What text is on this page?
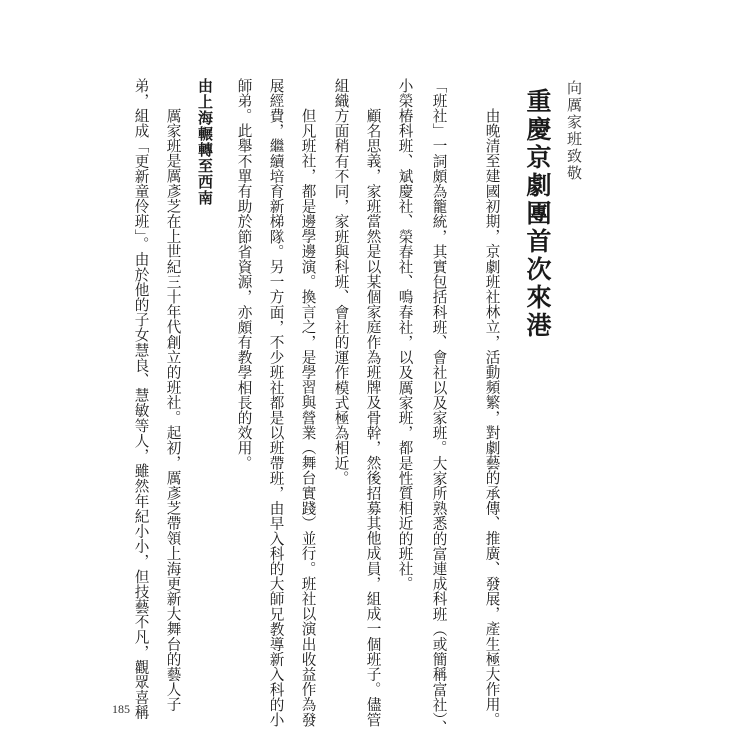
向厲家班致敬
重慶京劇團首次來港
由晚清至建國初期，京劇班社林立，活動頻繁，對劇藝的承傳、推廣、發展，產生極大作用。
「班社」一詞頗為籠統，其實包括科班、會社以及家班。大家所熟悉的富連成科班（或簡稱富社）、
小榮椿科班、斌慶社、榮春社、鳴春社，以及厲家班，都是性質相近的班社。
顧名思義，家班當然是以某個家庭作為班牌及骨幹，然後招募其他成員，組成一個班子。儘管
組織方面稍有不同，家班與科班、會社的運作模式極為相近。
但凡班社，都是邊學邊演。換言之，是學習與營業（舞台實踐）並行。班社以演出收益作為發
展經費，繼續培育新梯隊。另一方面，不少班社都是以班帶班，由早入科的大師兄教導新入科的小
師弟。此舉不單有助於節省資源，亦頗有教學相長的效用。
由上海輾轉至西南
厲家班是厲彥芝在上世紀三十年代創立的班社。起初，厲彥芝帶領上海更新大舞台的藝人子
弟，組成「更新童伶班」。由於他的子女慧良、慧敏等人，雖然年紀小小，但技藝不凡，觀眾喜稱
185
